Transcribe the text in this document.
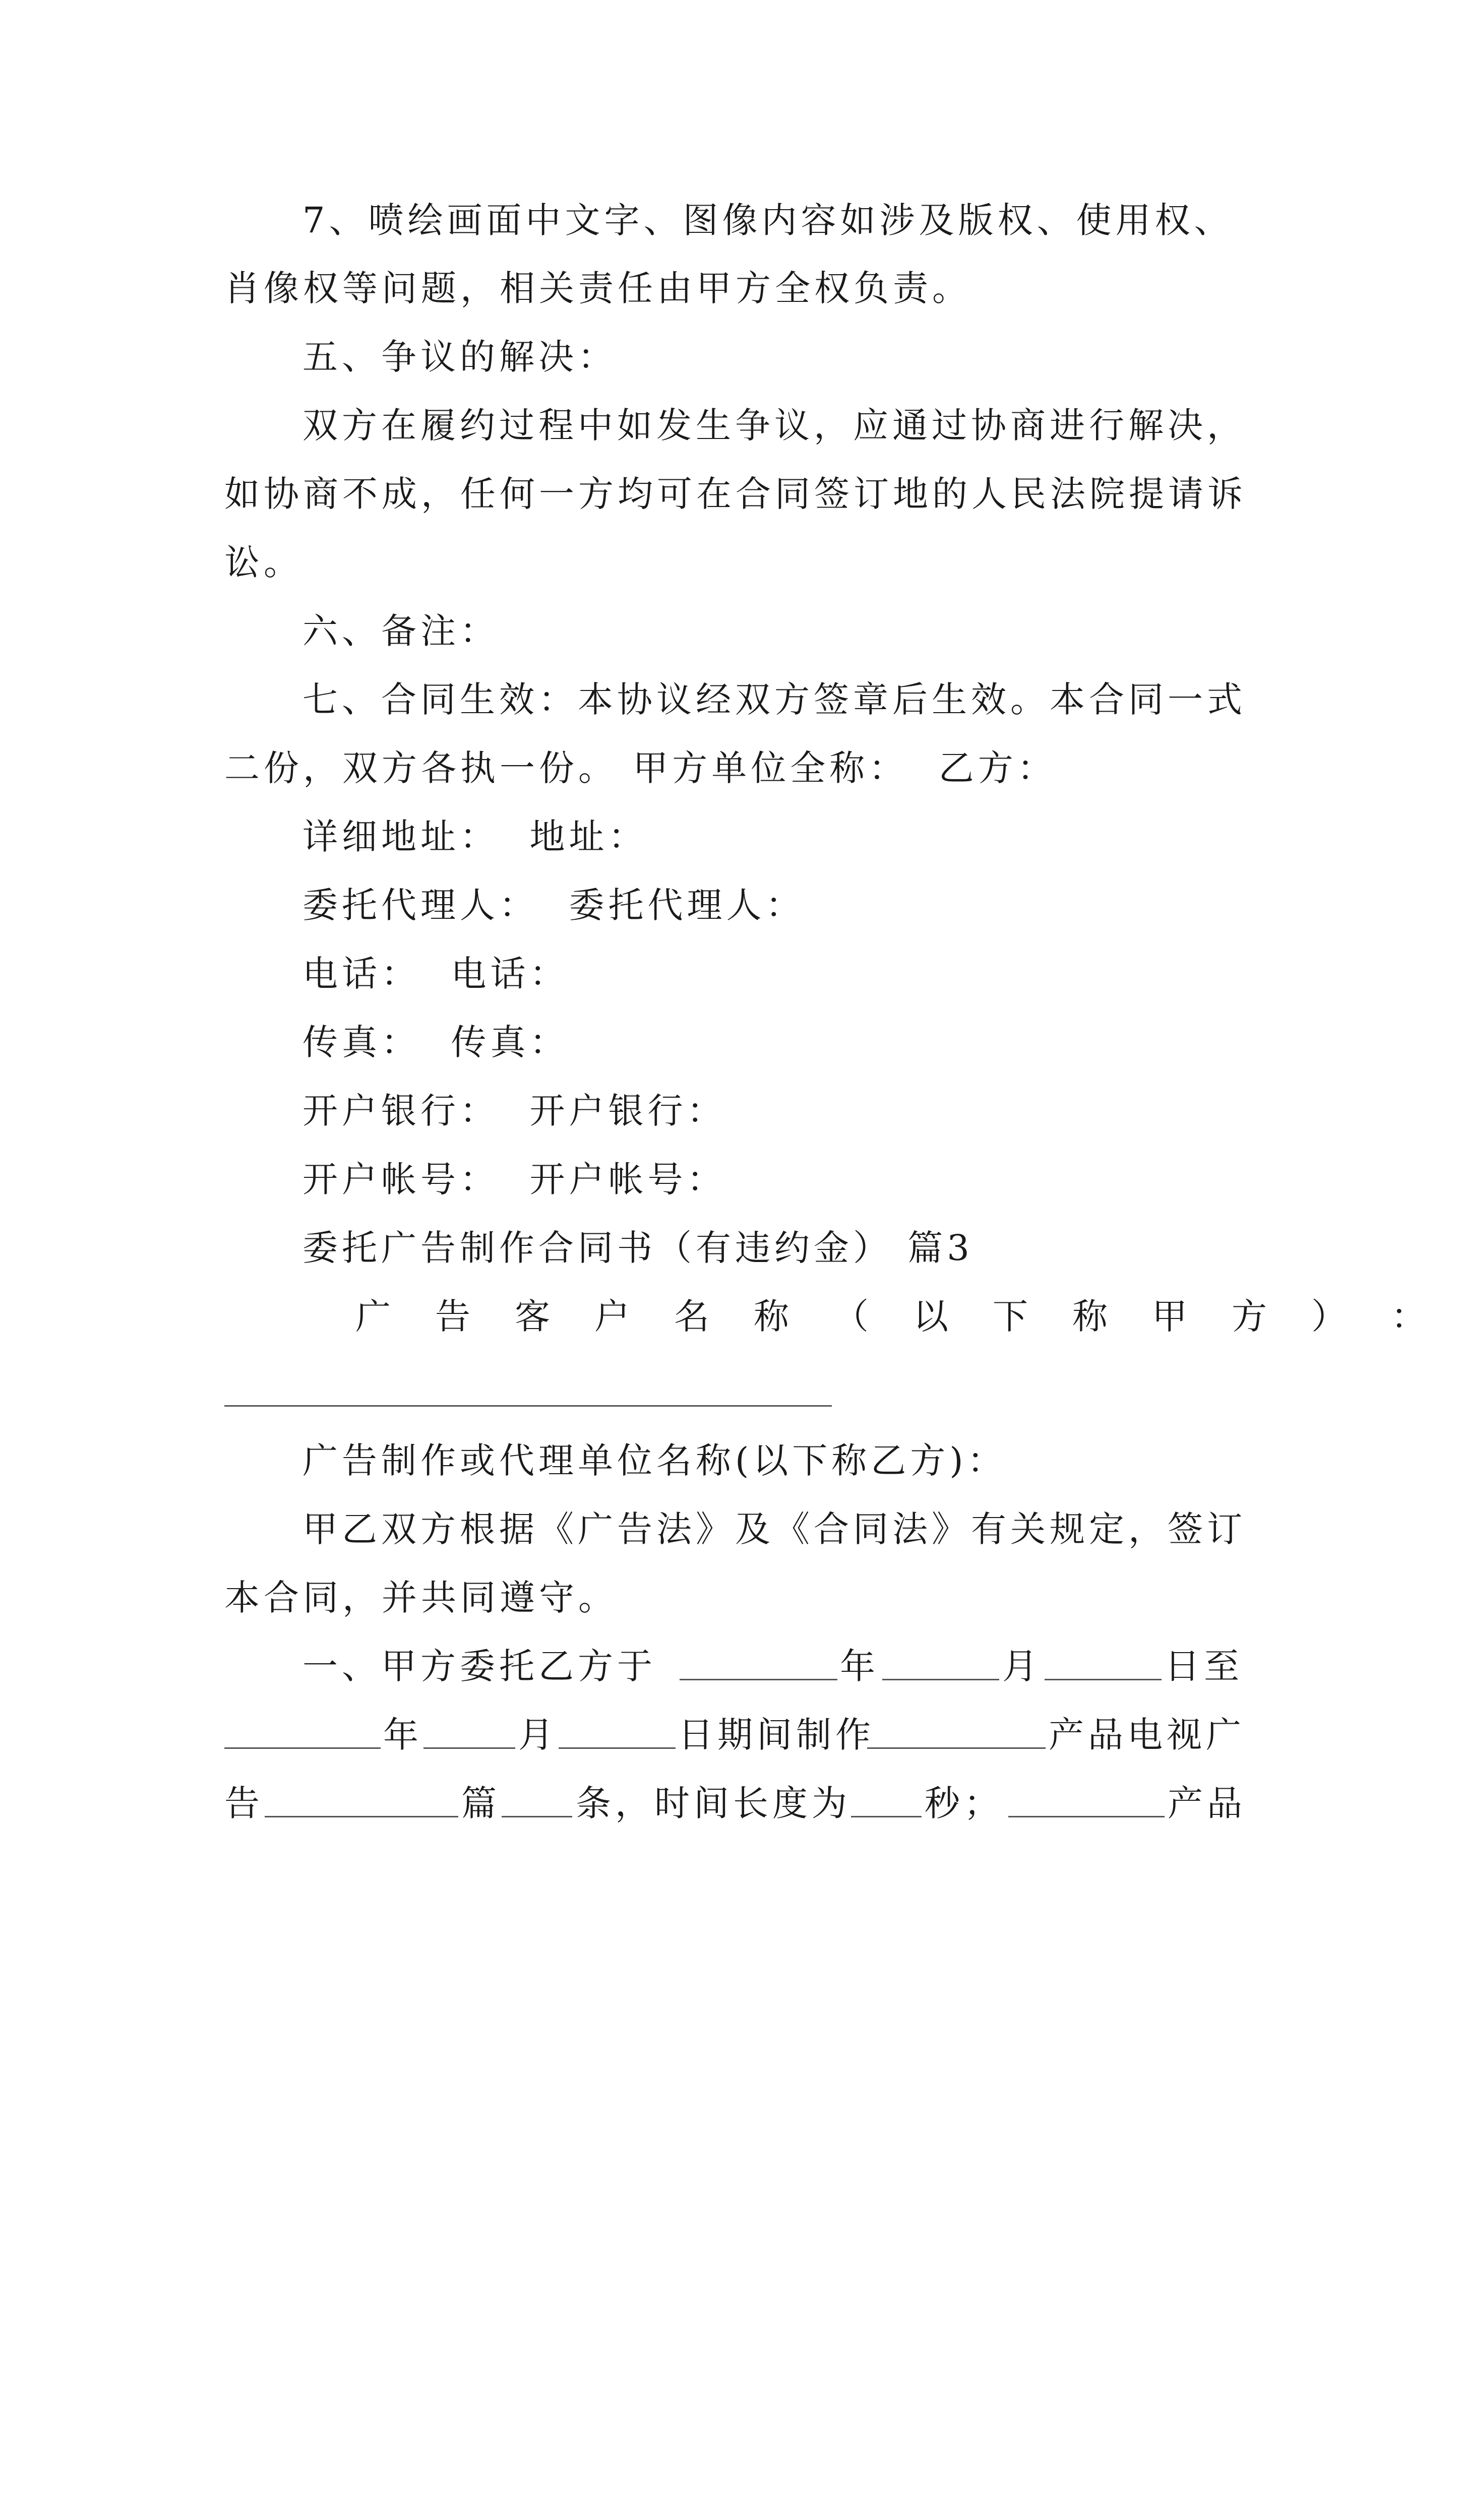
7、喷绘画面中文字、图像内容如涉及版权、使用权、

肖像权等问题，相关责任由甲方全权负责。

五、争议的解决：

双方在履约过程中如发生争议，应通过协商进行解决，

如协商不成，任何一方均可在合同签订地的人民法院提请诉

讼。

六、备注：

七、合同生效：本协议经双方签章后生效。本合同一式

二份，双方各执一份。 甲方单位全称：  乙方：

详细地址：  地址：

委托代理人：  委托代理人：

电话：  电话：

传真：  传真：

开户银行：  开户银行：

开户帐号：  开户帐号：

委托广告制作合同书（有违约金） 篇3

广 告 客 户 名 称 （ 以 下 称 甲 方 ） ：

广告制作或代理单位名称(以下称乙方)：

甲乙双方根据《广告法》及《合同法》有关规定，签订

本合同，并共同遵守。

一、甲方委托乙方于

	年

	月

	日至

年

	月

	日期间制作

	产品电视广

告

	篇

条，时间长度为

秒；

	产品
